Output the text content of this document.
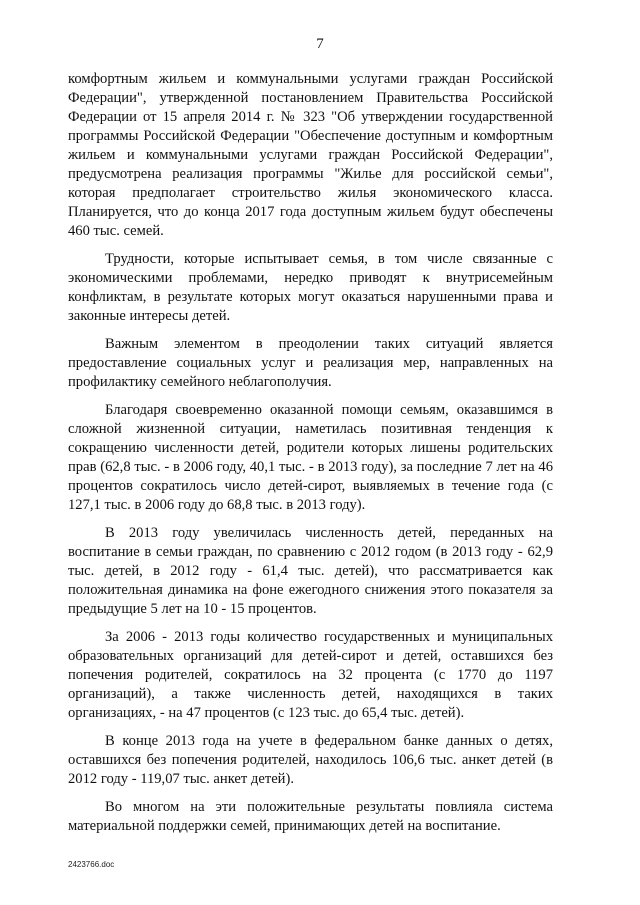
7

комфортным жильем и коммунальными услугами граждан Российской Федерации", утвержденной постановлением Правительства Российской Федерации от 15 апреля 2014 г. № 323 "Об утверждении государственной программы Российской Федерации "Обеспечение доступным и комфортным жильем и коммунальными услугами граждан Российской Федерации", предусмотрена реализация программы "Жилье для российской семьи", которая предполагает строительство жилья экономического класса. Планируется, что до конца 2017 года доступным жильем будут обеспечены 460 тыс. семей.

Трудности, которые испытывает семья, в том числе связанные с экономическими проблемами, нередко приводят к внутрисемейным конфликтам, в результате которых могут оказаться нарушенными права и законные интересы детей.

Важным элементом в преодолении таких ситуаций является предоставление социальных услуг и реализация мер, направленных на профилактику семейного неблагополучия.

Благодаря своевременно оказанной помощи семьям, оказавшимся в сложной жизненной ситуации, наметилась позитивная тенденция к сокращению численности детей, родители которых лишены родительских прав (62,8 тыс. - в 2006 году, 40,1 тыс. - в 2013 году), за последние 7 лет на 46 процентов сократилось число детей-сирот, выявляемых в течение года (с 127,1 тыс. в 2006 году до 68,8 тыс. в 2013 году).

В 2013 году увеличилась численность детей, переданных на воспитание в семьи граждан, по сравнению с 2012 годом (в 2013 году - 62,9 тыс. детей, в 2012 году - 61,4 тыс. детей), что рассматривается как положительная динамика на фоне ежегодного снижения этого показателя за предыдущие 5 лет на 10 - 15 процентов.

За 2006 - 2013 годы количество государственных и муниципальных образовательных организаций для детей-сирот и детей, оставшихся без попечения родителей, сократилось на 32 процента (с 1770 до 1197 организаций), а также численность детей, находящихся в таких организациях, - на 47 процентов (с 123 тыс. до 65,4 тыс. детей).

В конце 2013 года на учете в федеральном банке данных о детях, оставшихся без попечения родителей, находилось 106,6 тыс. анкет детей (в 2012 году - 119,07 тыс. анкет детей).

Во многом на эти положительные результаты повлияла система материальной поддержки семей, принимающих детей на воспитание.

2423766.doc
